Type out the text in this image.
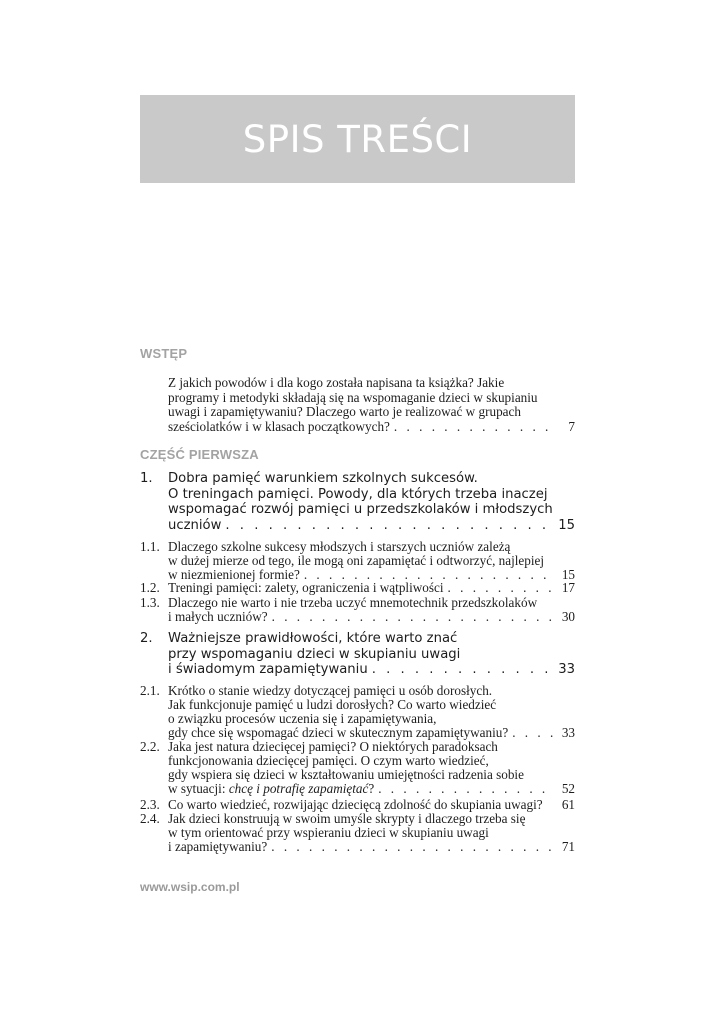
SPIS TREŚCI
WSTĘP
Z jakich powodów i dla kogo została napisana ta książka? Jakie
programy i metodyki składają się na wspomaganie dzieci w skupianiu
uwagi i zapamiętywaniu? Dlaczego warto je realizować w grupach
sześciolatków i w klasach początkowych? . . .	7
CZĘŚĆ PIERWSZA
1. Dobra pamięć warunkiem szkolnych sukcesów.
O treningach pamięci. Powody, dla których trzeba inaczej
wspomagać rozwój pamięci u przedszkolaków i młodszych
uczniów . . .	15
1.1. Dlaczego szkolne sukcesy młodszych i starszych uczniów zależą
w dużej mierze od tego, ile mogą oni zapamiętać i odtworzyć, najlepiej
w niezmienionej formie? . . .	15
1.2. Treningi pamięci: zalety, ograniczenia i wątpliwości . . .	17
1.3. Dlaczego nie warto i nie trzeba uczyć mnemotechnik przedszkolaków
i małych uczniów? . . .	30
2. Ważniejsze prawidłowości, które warto znać
przy wspomaganiu dzieci w skupianiu uwagi
i świadomym zapamiętywaniu . . .	33
2.1. Krótko o stanie wiedzy dotyczącej pamięci u osób dorosłych.
Jak funkcjonuje pamięć u ludzi dorosłych? Co warto wiedzieć
o związku procesów uczenia się i zapamiętywania,
gdy chce się wspomagać dzieci w skutecznym zapamiętywaniu? . . .	33
2.2. Jaka jest natura dziecięcej pamięci? O niektórych paradoksach
funkcjonowania dziecięcej pamięci. O czym warto wiedzieć,
gdy wspiera się dzieci w kształtowaniu umiejętności radzenia sobie
w sytuacji: chcę i potrafię zapamiętać? . . .	52
2.3. Co warto wiedzieć, rozwijając dziecięcą zdolność do skupiania uwagi?	61
2.4. Jak dzieci konstruują w swoim umyśle skrypty i dlaczego trzeba się
w tym orientować przy wspieraniu dzieci w skupianiu uwagi
i zapamiętywaniu? . . .	71
www.wsip.com.pl
